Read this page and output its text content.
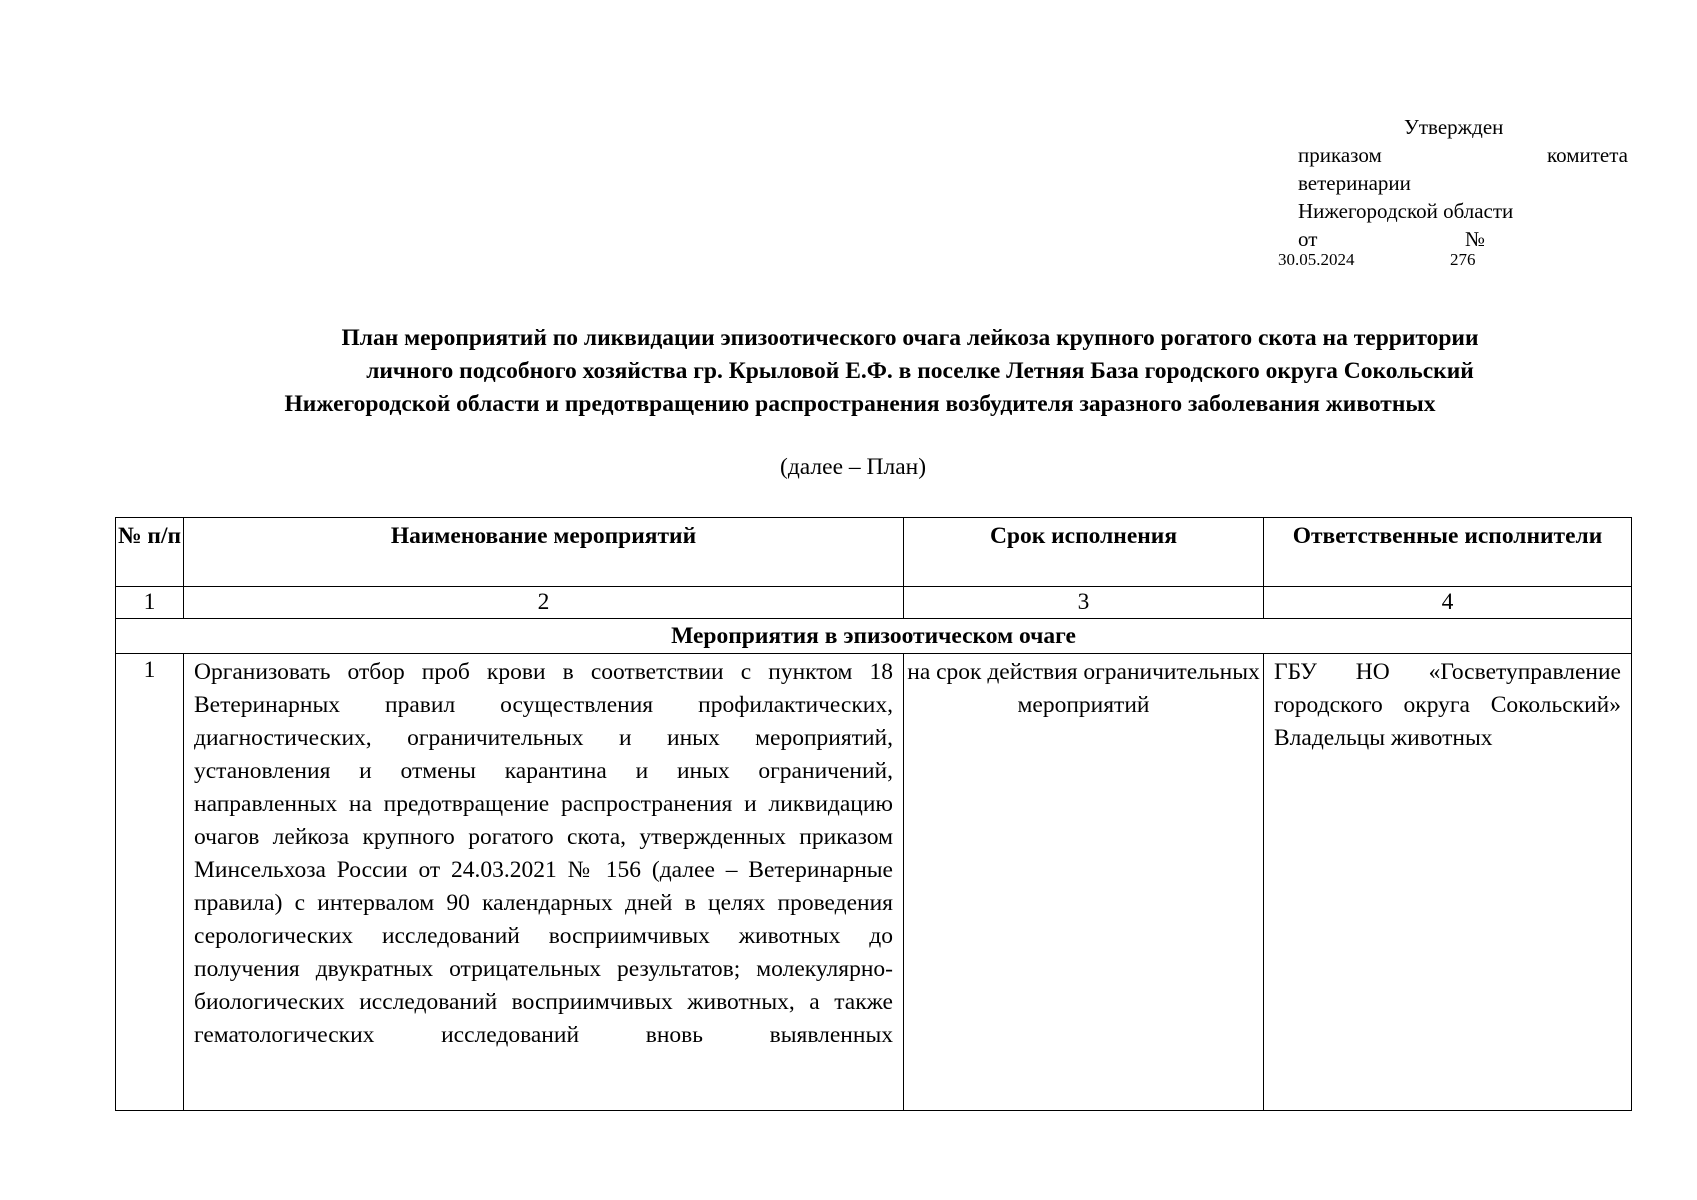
Утвержден
приказом	комитета
ветеринарии
Нижегородской области
от	№
30.05.2024	276
План мероприятий по ликвидации эпизоотического очага лейкоза крупного рогатого скота на территории
личного подсобного хозяйства гр. Крыловой Е.Ф. в поселке Летняя База городского округа Сокольский
Нижегородской области и предотвращению распространения возбудителя заразного заболевания животных
(далее – План)
№ п/п	Наименование мероприятий	Срок исполнения	Ответственные исполнители
1	2	3	4
Мероприятия в эпизоотическом очаге			
1	Организовать отбор проб крови в соответствии с пунктом 18 Ветеринарных правил осуществления профилактических, диагностических, ограничительных и иных мероприятий, установления и отмены карантина и иных ограничений, направленных на предотвращение распространения и ликвидацию очагов лейкоза крупного рогатого скота, утвержденных приказом Минсельхоза России от 24.03.2021 № 156 (далее – Ветеринарные правила) с интервалом 90 календарных дней в целях проведения серологических исследований восприимчивых животных до получения двукратных отрицательных результатов; молекулярно-биологических исследований восприимчивых животных, а также гематологических исследований вновь выявленных	на срок действия ограничительных мероприятий	ГБУ НО «Госветуправление городского округа Сокольский»
Владельцы животных
